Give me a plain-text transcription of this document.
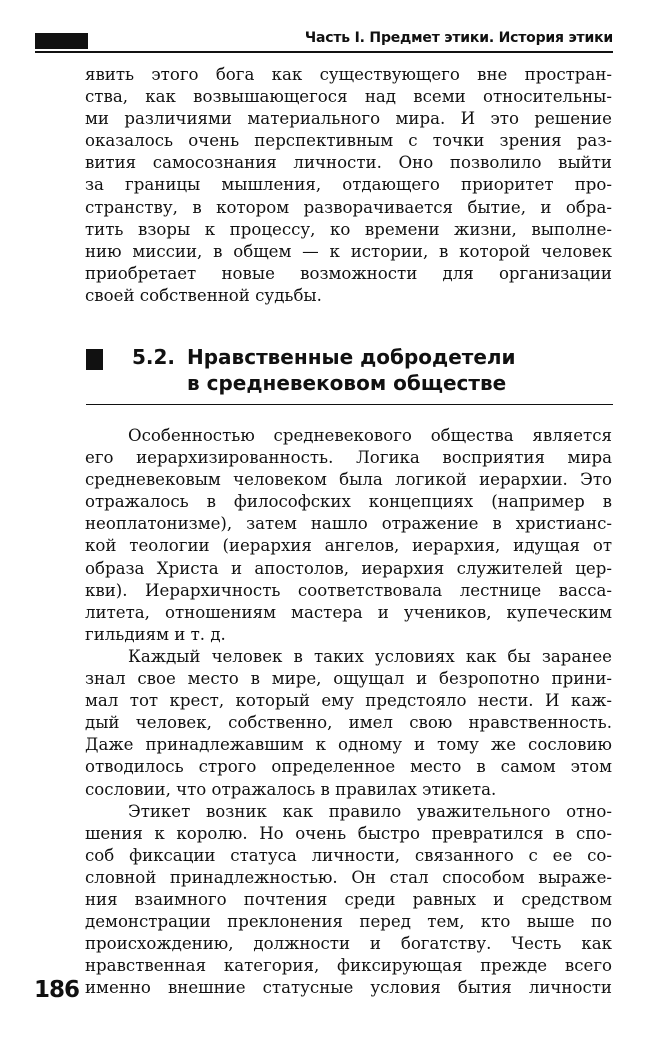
Часть I. Предмет этики. История этики
явить этого бога как существующего вне простран-
ства, как возвышающегося над всеми относительны-
ми различиями материального мира. И это решение
оказалось очень перспективным с точки зрения раз-
вития самосознания личности. Оно позволило выйти
за границы мышления, отдающего приоритет про-
странству, в котором разворачивается бытие, и обра-
тить взоры к процессу, ко времени жизни, выполне-
нию миссии, в общем — к истории, в которой человек
приобретает новые возможности для организации
своей собственной судьбы.
5.2. Нравственные добродетели
в средневековом обществе
Особенностью средневекового общества является
его иерархизированность. Логика восприятия мира
средневековым человеком была логикой иерархии. Это
отражалось в философских концепциях (например в
неоплатонизме), затем нашло отражение в христианс-
кой теологии (иерархия ангелов, иерархия, идущая от
образа Христа и апостолов, иерархия служителей цер-
кви). Иерархичность соответствовала лестнице васса-
литета, отношениям мастера и учеников, купеческим
гильдиям и т. д.
Каждый человек в таких условиях как бы заранее
знал свое место в мире, ощущал и безропотно прини-
мал тот крест, который ему предстояло нести. И каж-
дый человек, собственно, имел свою нравственность.
Даже принадлежавшим к одному и тому же сословию
отводилось строго определенное место в самом этом
сословии, что отражалось в правилах этикета.
Этикет возник как правило уважительного отно-
шения к королю. Но очень быстро превратился в спо-
соб фиксации статуса личности, связанного с ее со-
словной принадлежностью. Он стал способом выраже-
ния взаимного почтения среди равных и средством
демонстрации преклонения перед тем, кто выше по
происхождению, должности и богатству. Честь как
нравственная категория, фиксирующая прежде всего
именно внешние статусные условия бытия личности
186
